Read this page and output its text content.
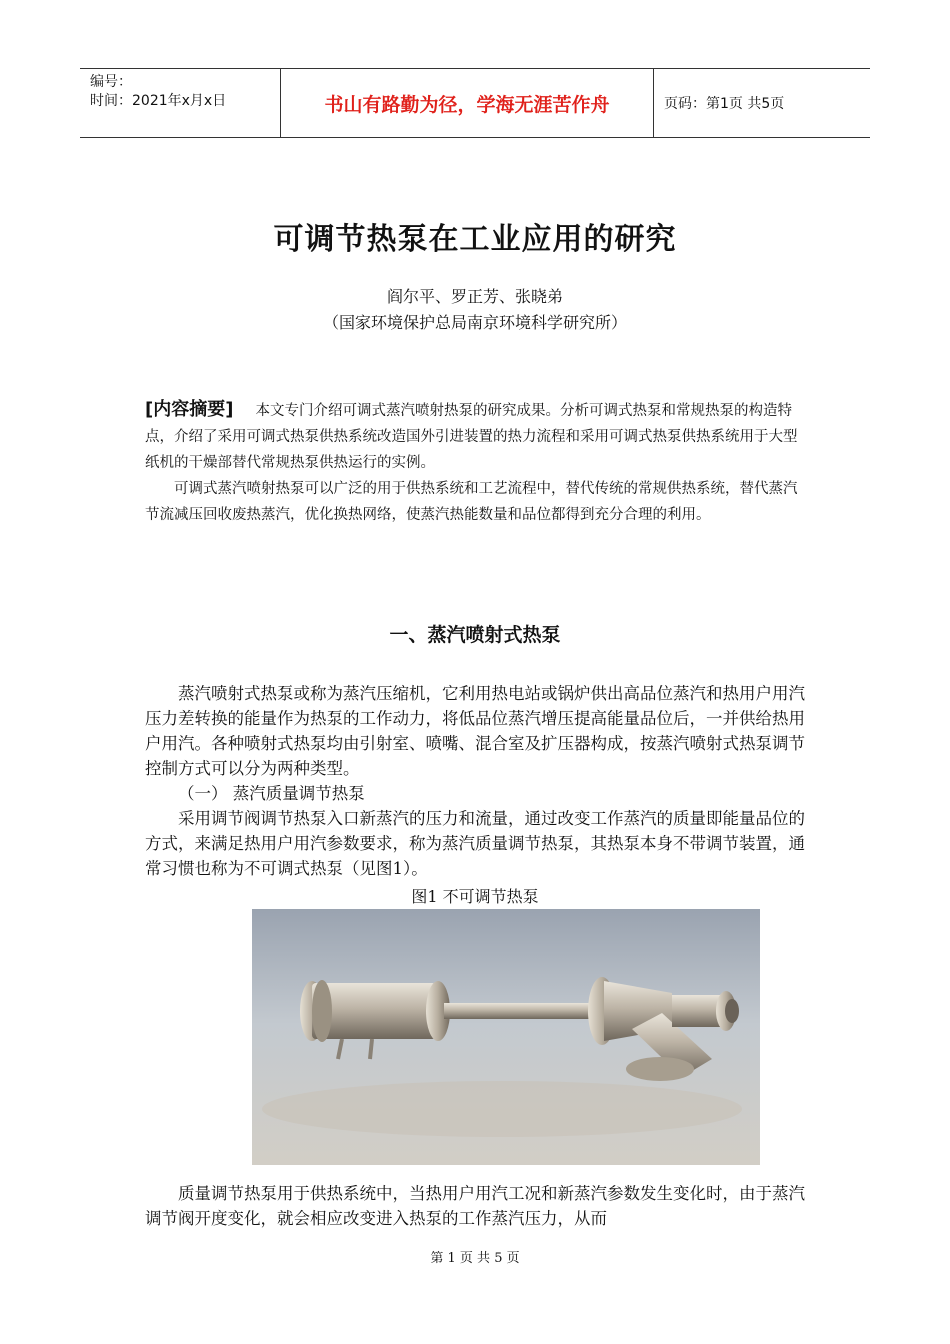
编号：
时间：2021年x月x日	书山有路勤为径，学海无涯苦作舟	页码：第1页 共5页
可调节热泵在工业应用的研究
阎尔平、罗正芳、张晓弟
（国家环境保护总局南京环境科学研究所）

[内容摘要] 本文专门介绍可调式蒸汽喷射热泵的研究成果。分析可调式热泵和常规热泵的构造特点，介绍了采用可调式热泵供热系统改造国外引进装置的热力流程和采用可调式热泵供热系统用于大型纸机的干燥部替代常规热泵供热运行的实例。

可调式蒸汽喷射热泵可以广泛的用于供热系统和工艺流程中，替代传统的常规供热系统，替代蒸汽节流减压回收废热蒸汽，优化换热网络，使蒸汽热能数量和品位都得到充分合理的利用。

一、蒸汽喷射式热泵

蒸汽喷射式热泵或称为蒸汽压缩机，它利用热电站或锅炉供出高品位蒸汽和热用户用汽压力差转换的能量作为热泵的工作动力，将低品位蒸汽增压提高能量品位后，一并供给热用户用汽。各种喷射式热泵均由引射室、喷嘴、混合室及扩压器构成，按蒸汽喷射式热泵调节控制方式可以分为两种类型。

（一） 蒸汽质量调节热泵

采用调节阀调节热泵入口新蒸汽的压力和流量，通过改变工作蒸汽的质量即能量品位的方式，来满足热用户用汽参数要求，称为蒸汽质量调节热泵，其热泵本身不带调节装置，通常习惯也称为不可调式热泵（见图1）。

图1 不可调节热泵

质量调节热泵用于供热系统中，当热用户用汽工况和新蒸汽参数发生变化时，由于蒸汽调节阀开度变化，就会相应改变进入热泵的工作蒸汽压力，从而

第 1 页 共 5 页
